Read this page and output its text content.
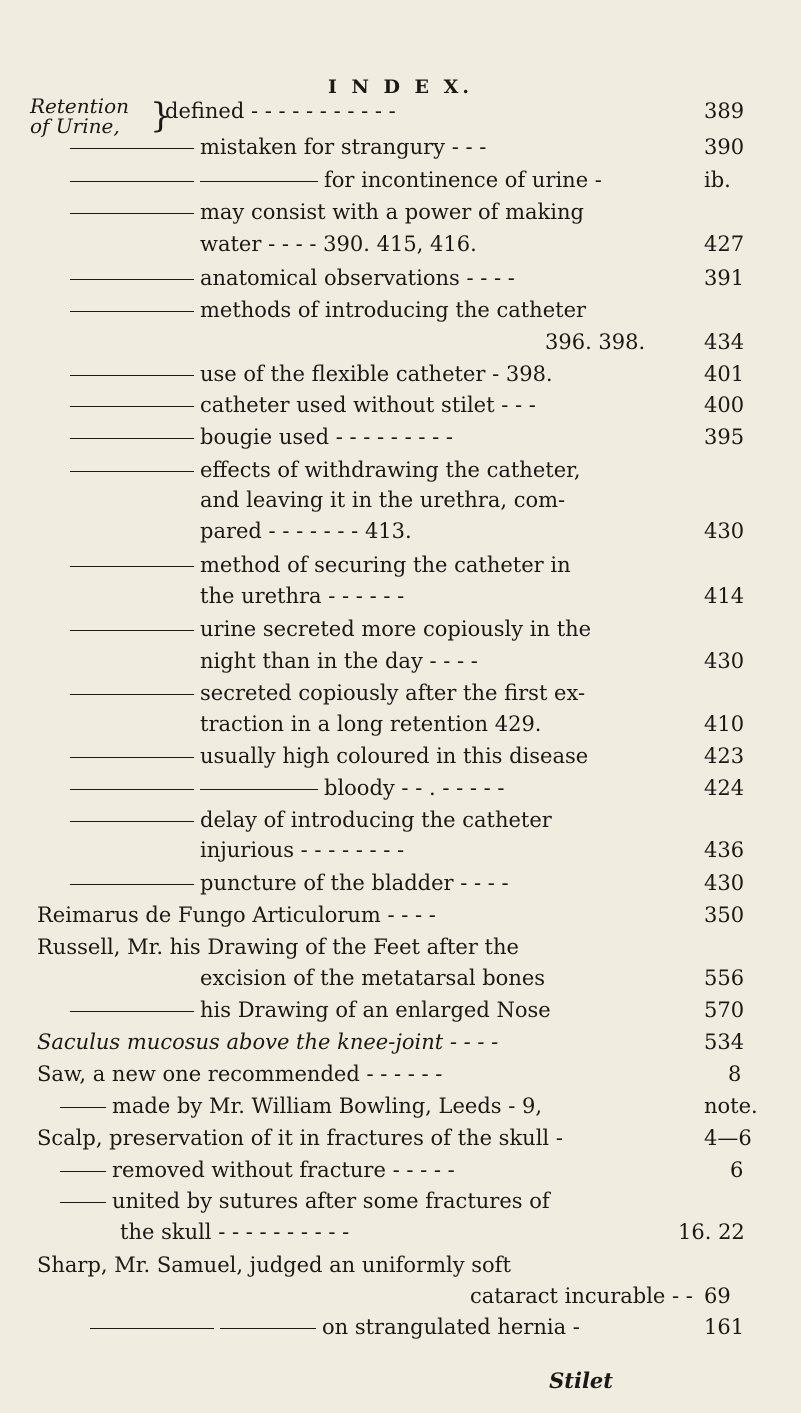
I N D E X.
Retention
of Urine, }
defined - - - - - - - - - - -	389
mistaken for strangury - - -	390
for incontinence of urine -	ib.
may consist with a power of making
water - - - - 390. 415, 416.	427
anatomical observations - - - -	391
methods of introducing the catheter
396. 398.	434
use of the flexible catheter - 398.	401
catheter used without stilet - - -	400
bougie used - - - - - - - - -	395
effects of withdrawing the catheter,
and leaving it in the urethra, com-
pared - - - - - - - 413.	430
method of securing the catheter in
the urethra - - - - - -	414
urine secreted more copiously in the
night than in the day - - - -	430
secreted copiously after the first ex-
traction in a long retention 429.	410
usually high coloured in this disease	423
bloody - - . - - - - -	424
delay of introducing the catheter
injurious - - - - - - - -	436
puncture of the bladder - - - -	430
Reimarus de Fungo Articulorum - - - -	350
Russell, Mr. his Drawing of the Feet after the
excision of the metatarsal bones	556
his Drawing of an enlarged Nose	570
Saculus mucosus above the knee-joint - - - -	534
Saw, a new one recommended - - - - - -	8
made by Mr. William Bowling, Leeds - 9,	note.
Scalp, preservation of it in fractures of the skull -	4—6
removed without fracture - - - - -	6
united by sutures after some fractures of
the skull - - - - - - - - - -	16. 22
Sharp, Mr. Samuel, judged an uniformly soft
cataract incurable - - 69
on strangulated hernia -	161
Stilet
